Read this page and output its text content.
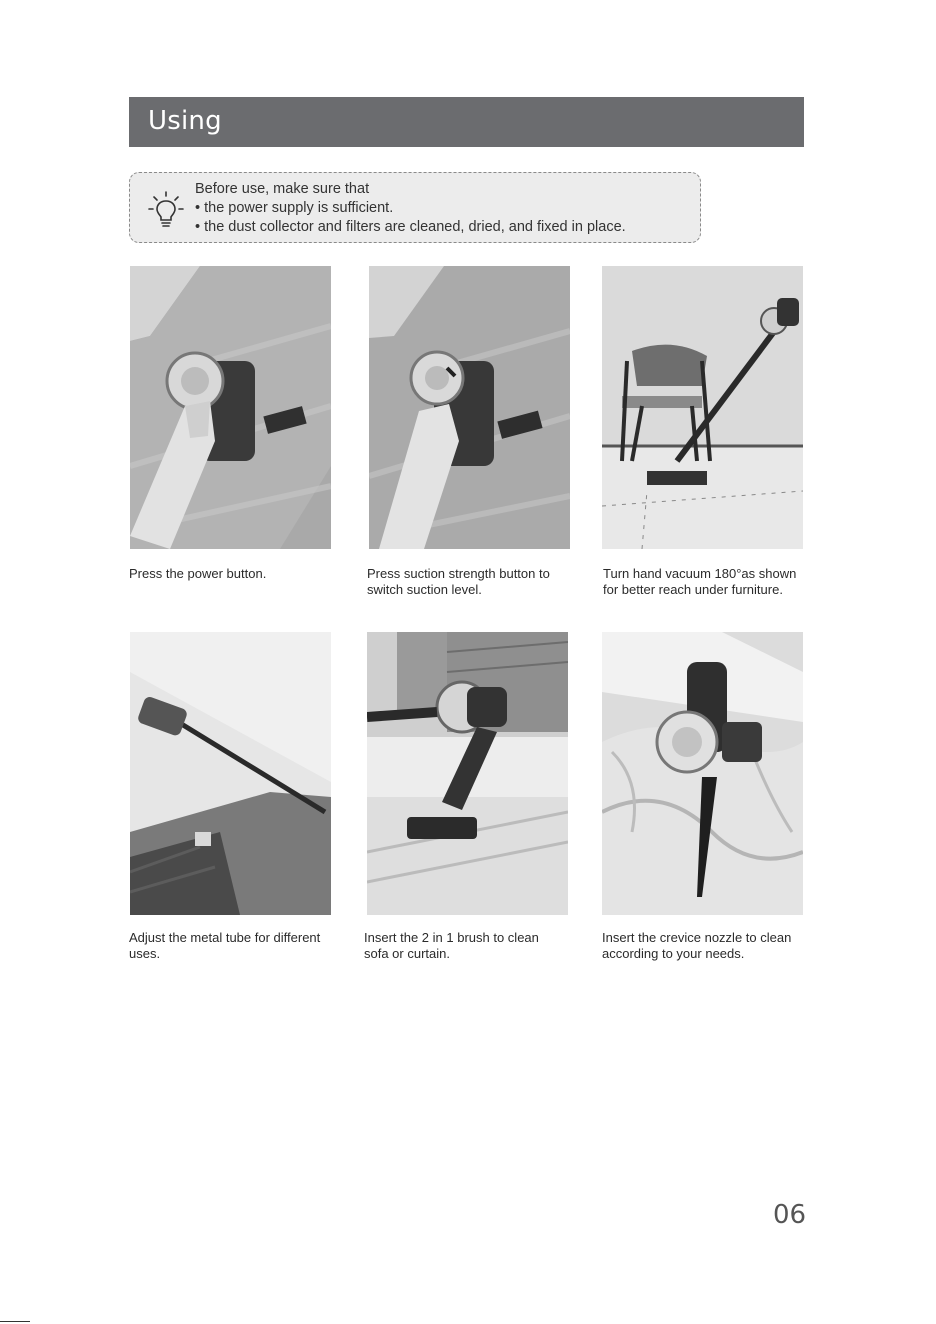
Using
Before use, make sure that
• the power supply is sufficient.
• the dust collector and filters are cleaned, dried, and fixed in place.
Press the power button.	Press suction strength button to
switch suction level.
Turn hand vacuum 180°as shown
for better reach under furniture.
Adjust the metal tube for different
uses.
Insert the 2 in 1 brush to clean
sofa or curtain.
Insert the crevice nozzle to clean
according to your needs.
06
